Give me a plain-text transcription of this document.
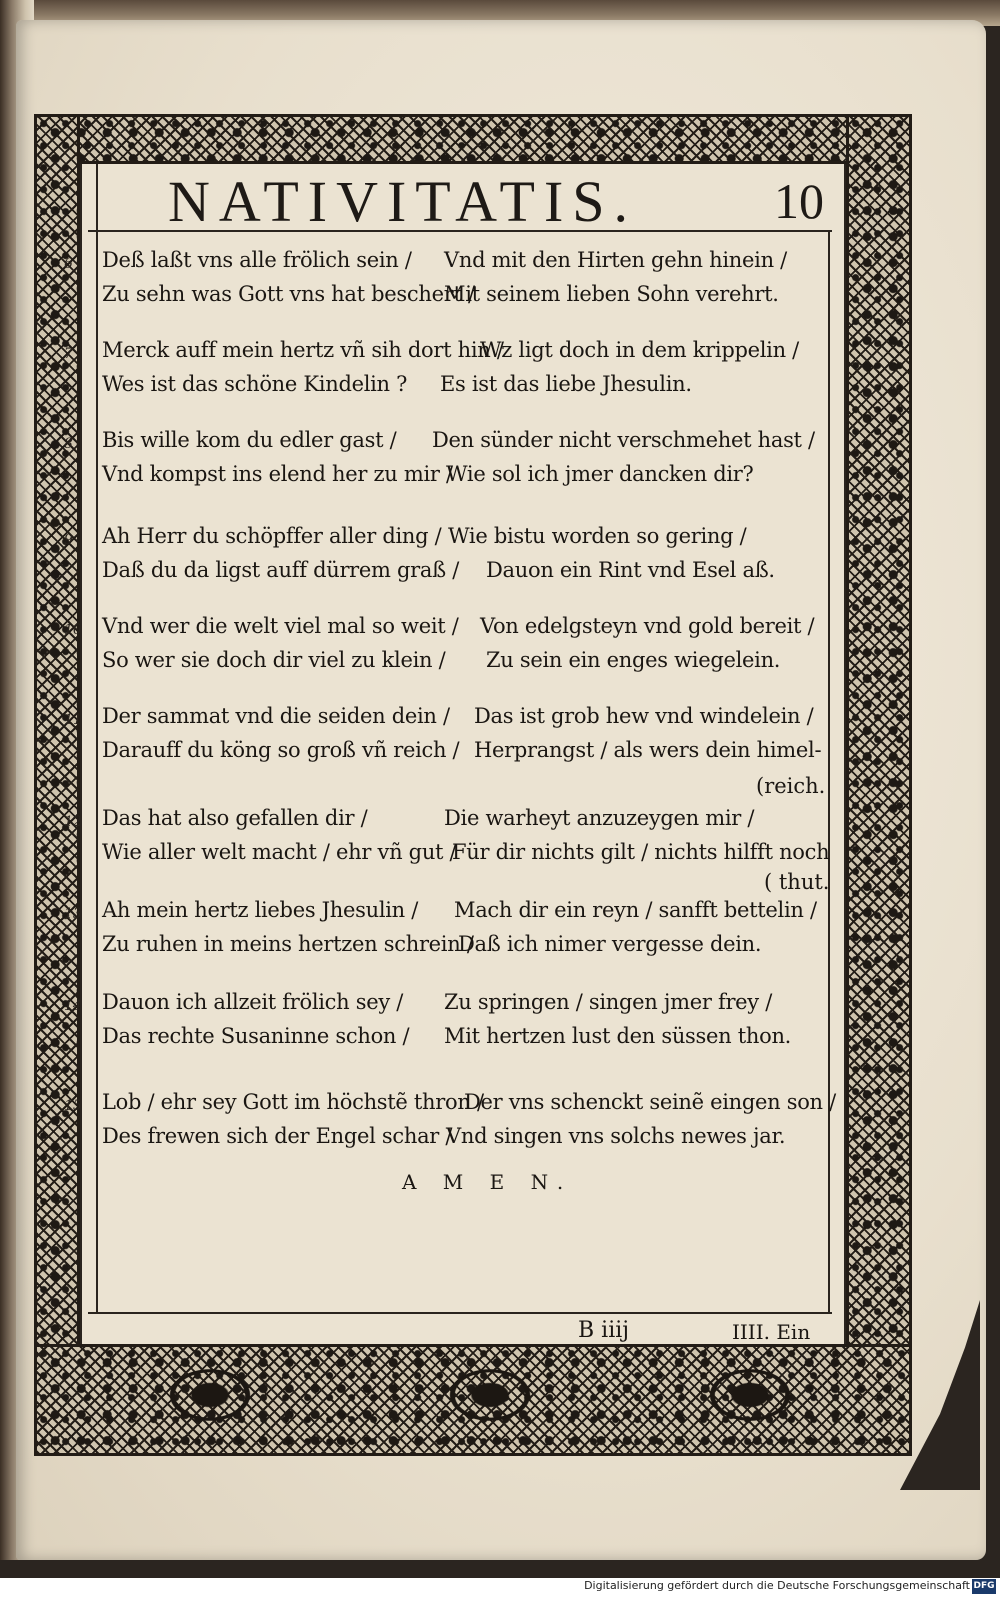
NATIVITATIS.	10
6	Deß laßt vns alle frölich sein / Vnd mit den Hirten gehn hinein /
Zu sehn was Gott vns hat beschert /
Mit seinem lieben Sohn verehrt.
7	Merck auff mein hertz vñ sih dort hin /
Wz ligt doch in dem krippelin /
Wes ist das schöne Kindelin ? Es ist das liebe Jhesulin.
8	Bis wille kom du edler gast / Den sünder nicht verschmehet hast /
Vnd kompst ins elend her zu mir /
Wie sol ich jmer dancken dir?
9	Ah Herr du schöpffer aller ding / Wie bistu worden so gering /
Daß du da ligst auff dürrem graß / Dauon ein Rint vnd Esel aß.
10 Vnd wer die welt viel mal so weit / Von edelgsteyn vnd gold bereit /
So wer sie doch dir viel zu klein / Zu sein ein enges wiegelein.
11 Der sammat vnd die seiden dein / Das ist grob hew vnd windelein /
Darauff du köng so groß vñ reich / Herprangst / als wers dein himel-
(reich.
12 Das hat also gefallen dir /	Die warheyt anzuzeygen mir /
Wie aller welt macht / ehr vñ gut /
Für dir nichts gilt / nichts hilfft noch
( thut.
13 Ah mein hertz liebes Jhesulin / Mach dir ein reyn / sanfft bettelin /
Zu ruhen in meins hertzen schrein /
Daß ich nimer vergesse dein.
14 Dauon ich allzeit frölich sey / Zu springen / singen jmer frey /
Das rechte Susaninne schon / Mit hertzen lust den süssen thon.
15 Lob / ehr sey Gott im höchstẽ thron /
Der vns schenckt seinẽ eingen son /
Des frewen sich der Engel schar /
Vnd singen vns solchs newes jar.
A M E N.
B iiij	IIII. Ein
Digitalisierung gefördert durch die Deutsche Forschungsgemeinschaft DFG
